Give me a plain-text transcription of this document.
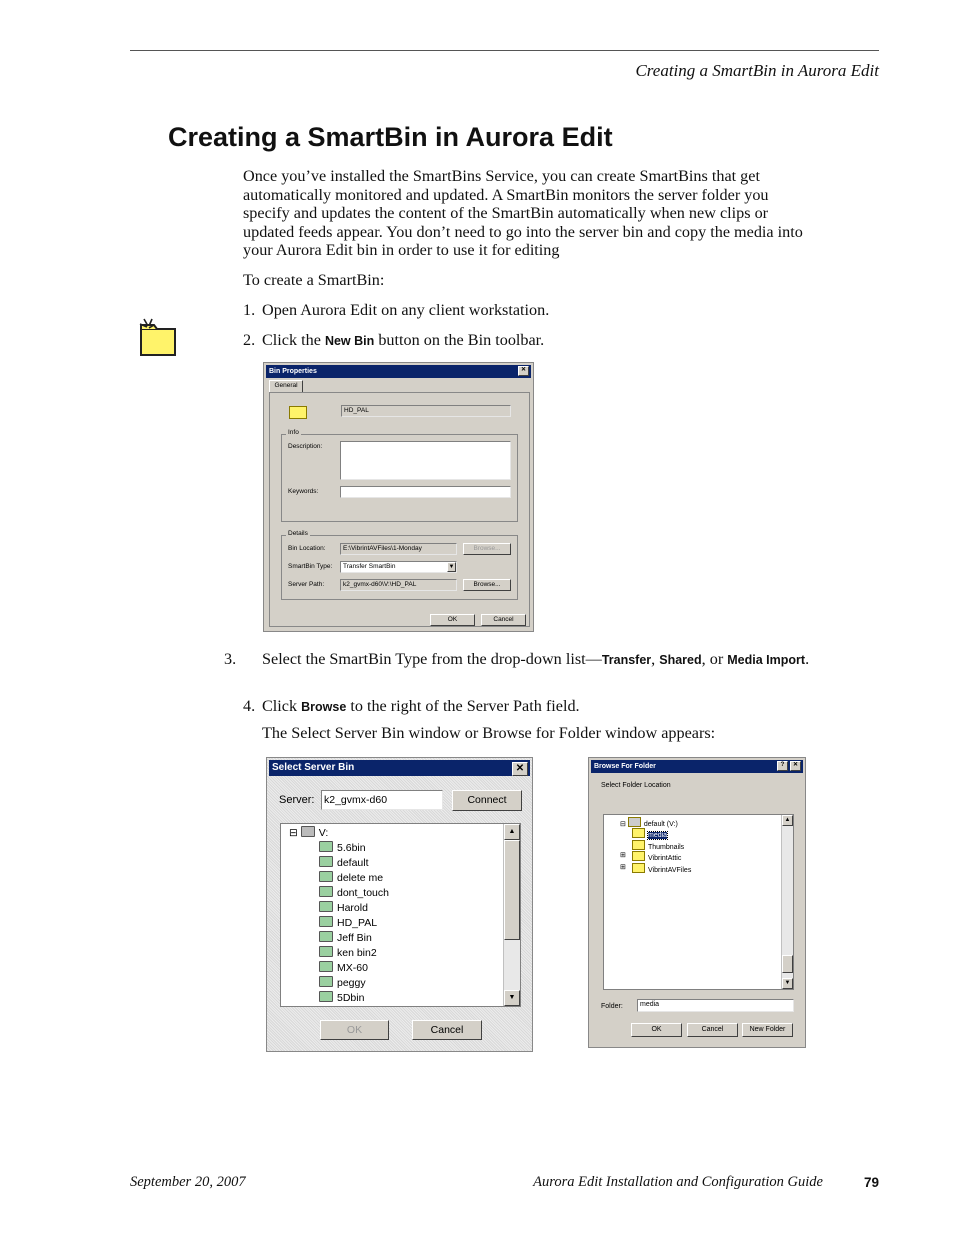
Creating a SmartBin in Aurora Edit
Creating a SmartBin in Aurora Edit
Once you’ve installed the SmartBins Service, you can create SmartBins that get automatically monitored and updated. A SmartBin monitors the server folder you specify and updates the content of the SmartBin automatically when new clips or updated feeds appear. You don’t need to go into the server bin and copy the media into your Aurora Edit bin in order to use it for editing
To create a SmartBin:
1. Open Aurora Edit on any client workstation.
2. Click the New Bin button on the Bin toolbar.
Bin Properties	✕
General
HD_PAL
Info
Description:
Keywords:
Details
Bin Location:	E:\VibrintAVFiles\1-Monday	Browse...
SmartBin Type:	Transfer SmartBin	▼
Server Path:	k2_gvmx-d60\V:\HD_PAL	Browse...
OK	Cancel
3. Select the SmartBin Type from the drop-down list—Transfer, Shared, or Media Import.
4. Click Browse to the right of the Server Path field.
The Select Server Bin window or Browse for Folder window appears:
Select Server Bin	✕
Server: k2_gvmx-d60	Connect
⊟ V:
5.6bin
default
delete me
dont_touch
Harold
HD_PAL
Jeff Bin
ken bin2
MX-60
peggy
5Dbin
▲
▼
OK	Cancel
Browse For Folder	?	✕
Select Folder Location
⊟	default (V:)
media
Thumbnails
⊞	VibrintAttic
⊞	VibrintAVFiles
▲
▼
Folder:	media
OK	Cancel	New Folder
September 20, 2007	Aurora Edit Installation and Configuration Guide	79
